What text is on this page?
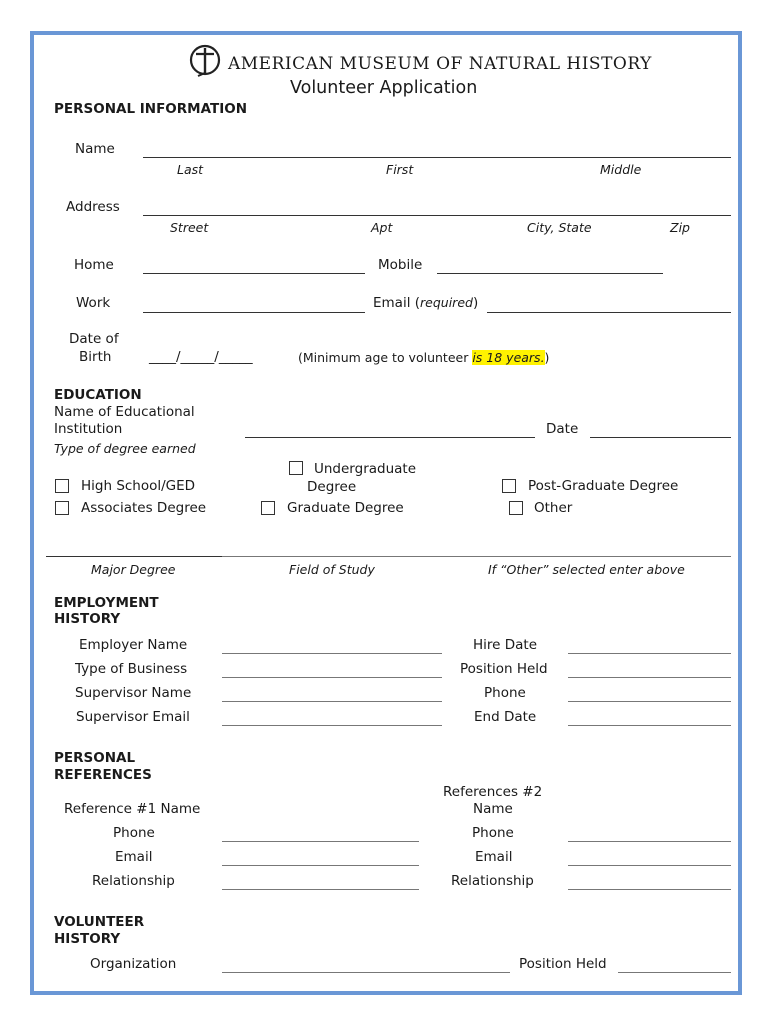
AMERICAN MUSEUM OF NATURAL HISTORY
Volunteer Application
PERSONAL INFORMATION
Name
Last	First	Middle
Address
Street	Apt	City, State	Zip
Home	Mobile
Work	Email (required)
Date of
Birth	____/_____/_____	(Minimum age to volunteer is 18 years.)
EDUCATION
Name of Educational
Institution	Date
Type of degree earned
Undergraduate
Degree
High School/GED	Post-Graduate Degree
Associates Degree	Graduate Degree	Other
Major Degree	Field of Study	If “Other” selected enter above
EMPLOYMENT
HISTORY
Employer Name	Hire Date
Type of Business	Position Held
Supervisor Name	Phone
Supervisor Email	End Date
PERSONAL
REFERENCES
References #2
Name
Reference #1 Name
Phone	Phone
Email	Email
Relationship	Relationship
VOLUNTEER
HISTORY
Organization	Position Held
